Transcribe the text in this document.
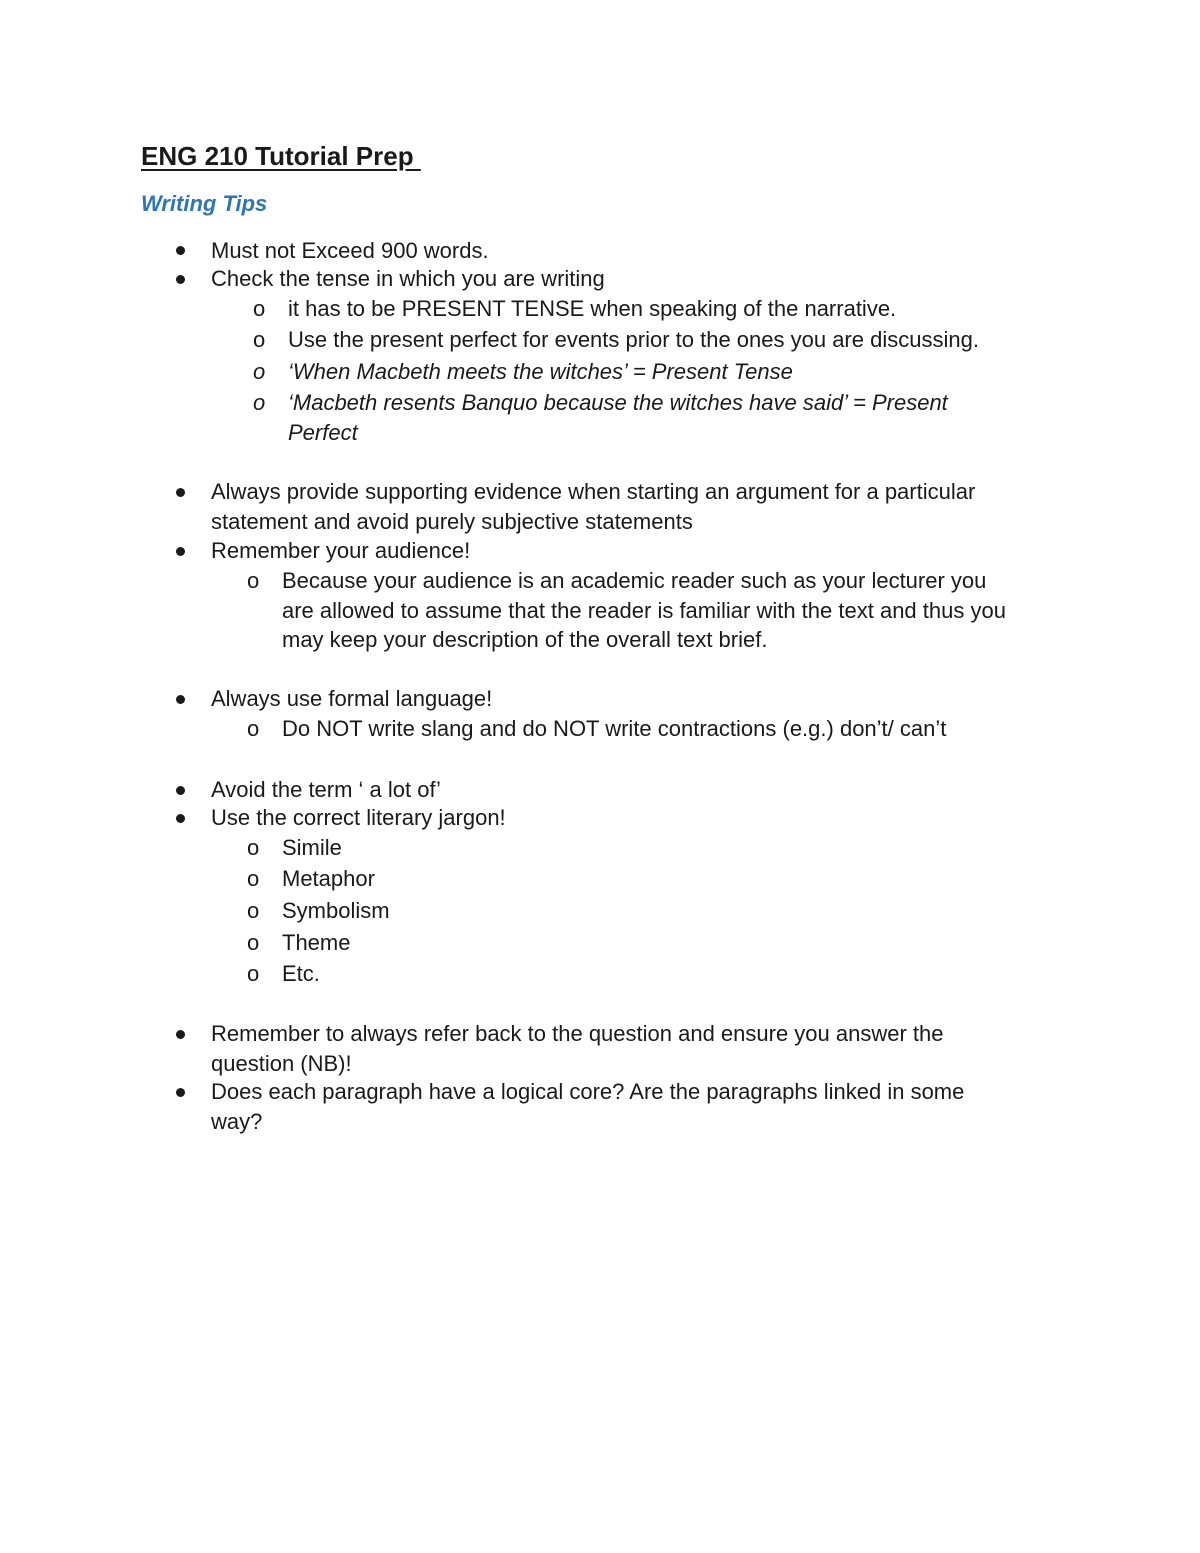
ENG 210 Tutorial Prep
Writing Tips
Must not Exceed 900 words.
Check the tense in which you are writing
o it has to be PRESENT TENSE when speaking of the narrative.
o Use the present perfect for events prior to the ones you are discussing.
o ‘When Macbeth meets the witches’ = Present Tense
o ‘Macbeth resents Banquo because the witches have said’ = Present
Perfect
Always provide supporting evidence when starting an argument for a particular
statement and avoid purely subjective statements
Remember your audience!
o Because your audience is an academic reader such as your lecturer you
are allowed to assume that the reader is familiar with the text and thus you
may keep your description of the overall text brief.
Always use formal language!
o Do NOT write slang and do NOT write contractions (e.g.) don’t/ can’t
Avoid the term ‘ a lot of’
Use the correct literary jargon!
o Simile
o Metaphor
o Symbolism
o Theme
o Etc.
Remember to always refer back to the question and ensure you answer the
question (NB)!
Does each paragraph have a logical core? Are the paragraphs linked in some
way?
